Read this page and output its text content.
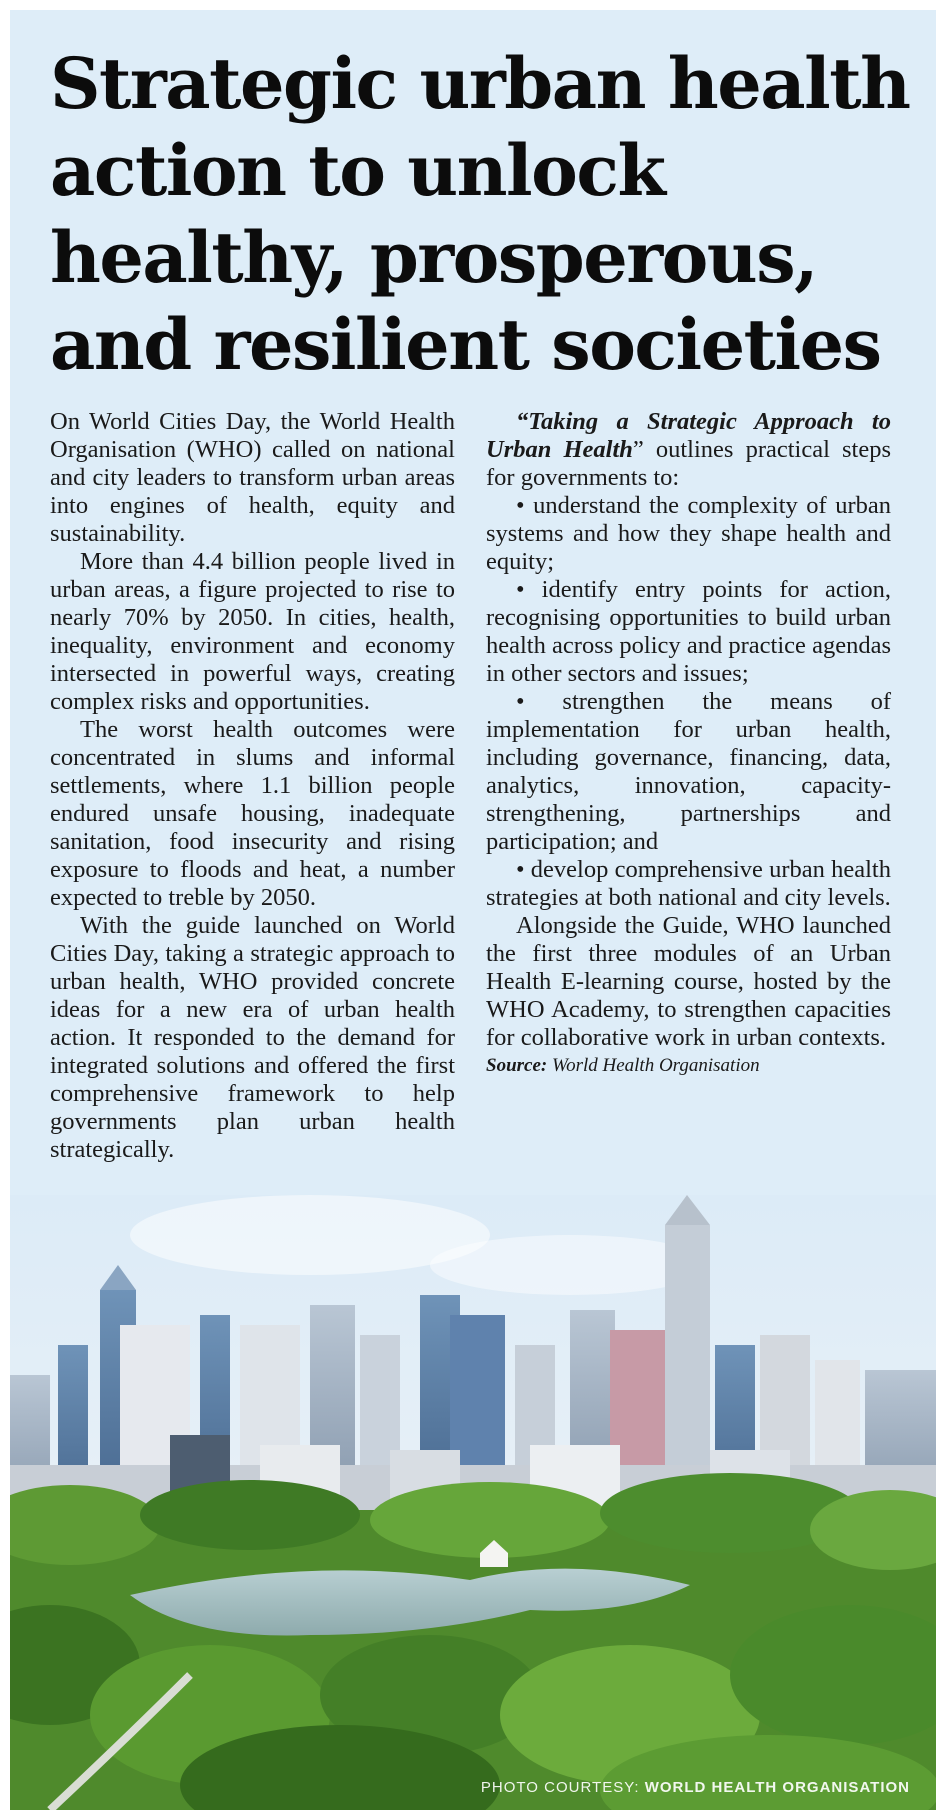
Strategic urban health
action to unlock
healthy, prosperous,
and resilient societies

On World Cities Day, the World Health Organisation (WHO) called on national and city leaders to transform urban areas into engines of health, equity and sustainability.

More than 4.4 billion people lived in urban areas, a figure projected to rise to nearly 70% by 2050. In cities, health, inequality, environment and economy intersected in powerful ways, creating complex risks and opportunities.

The worst health outcomes were concentrated in slums and informal settlements, where 1.1 billion people endured unsafe housing, inadequate sanitation, food insecurity and rising exposure to floods and heat, a number expected to treble by 2050.

With the guide launched on World Cities Day, taking a strategic approach to urban health, WHO provided concrete ideas for a new era of urban health action. It responded to the demand for integrated solutions and offered the first comprehensive framework to help governments plan urban health strategically.

“Taking a Strategic Approach to Urban Health” outlines practical steps for governments to:

• understand the complexity of urban systems and how they shape health and equity;

• identify entry points for action, recognising opportunities to build urban health across policy and practice agendas in other sectors and issues;

• strengthen the means of implementation for urban health, including governance, financing, data, analytics, innovation, capacity-strengthening, partnerships and participation; and

• develop comprehensive urban health strategies at both national and city levels.

Alongside the Guide, WHO launched the first three modules of an Urban Health E-learning course, hosted by the WHO Academy, to strengthen capacities for collaborative work in urban contexts.

Source: World Health Organisation

PHOTO COURTESY: WORLD HEALTH ORGANISATION
